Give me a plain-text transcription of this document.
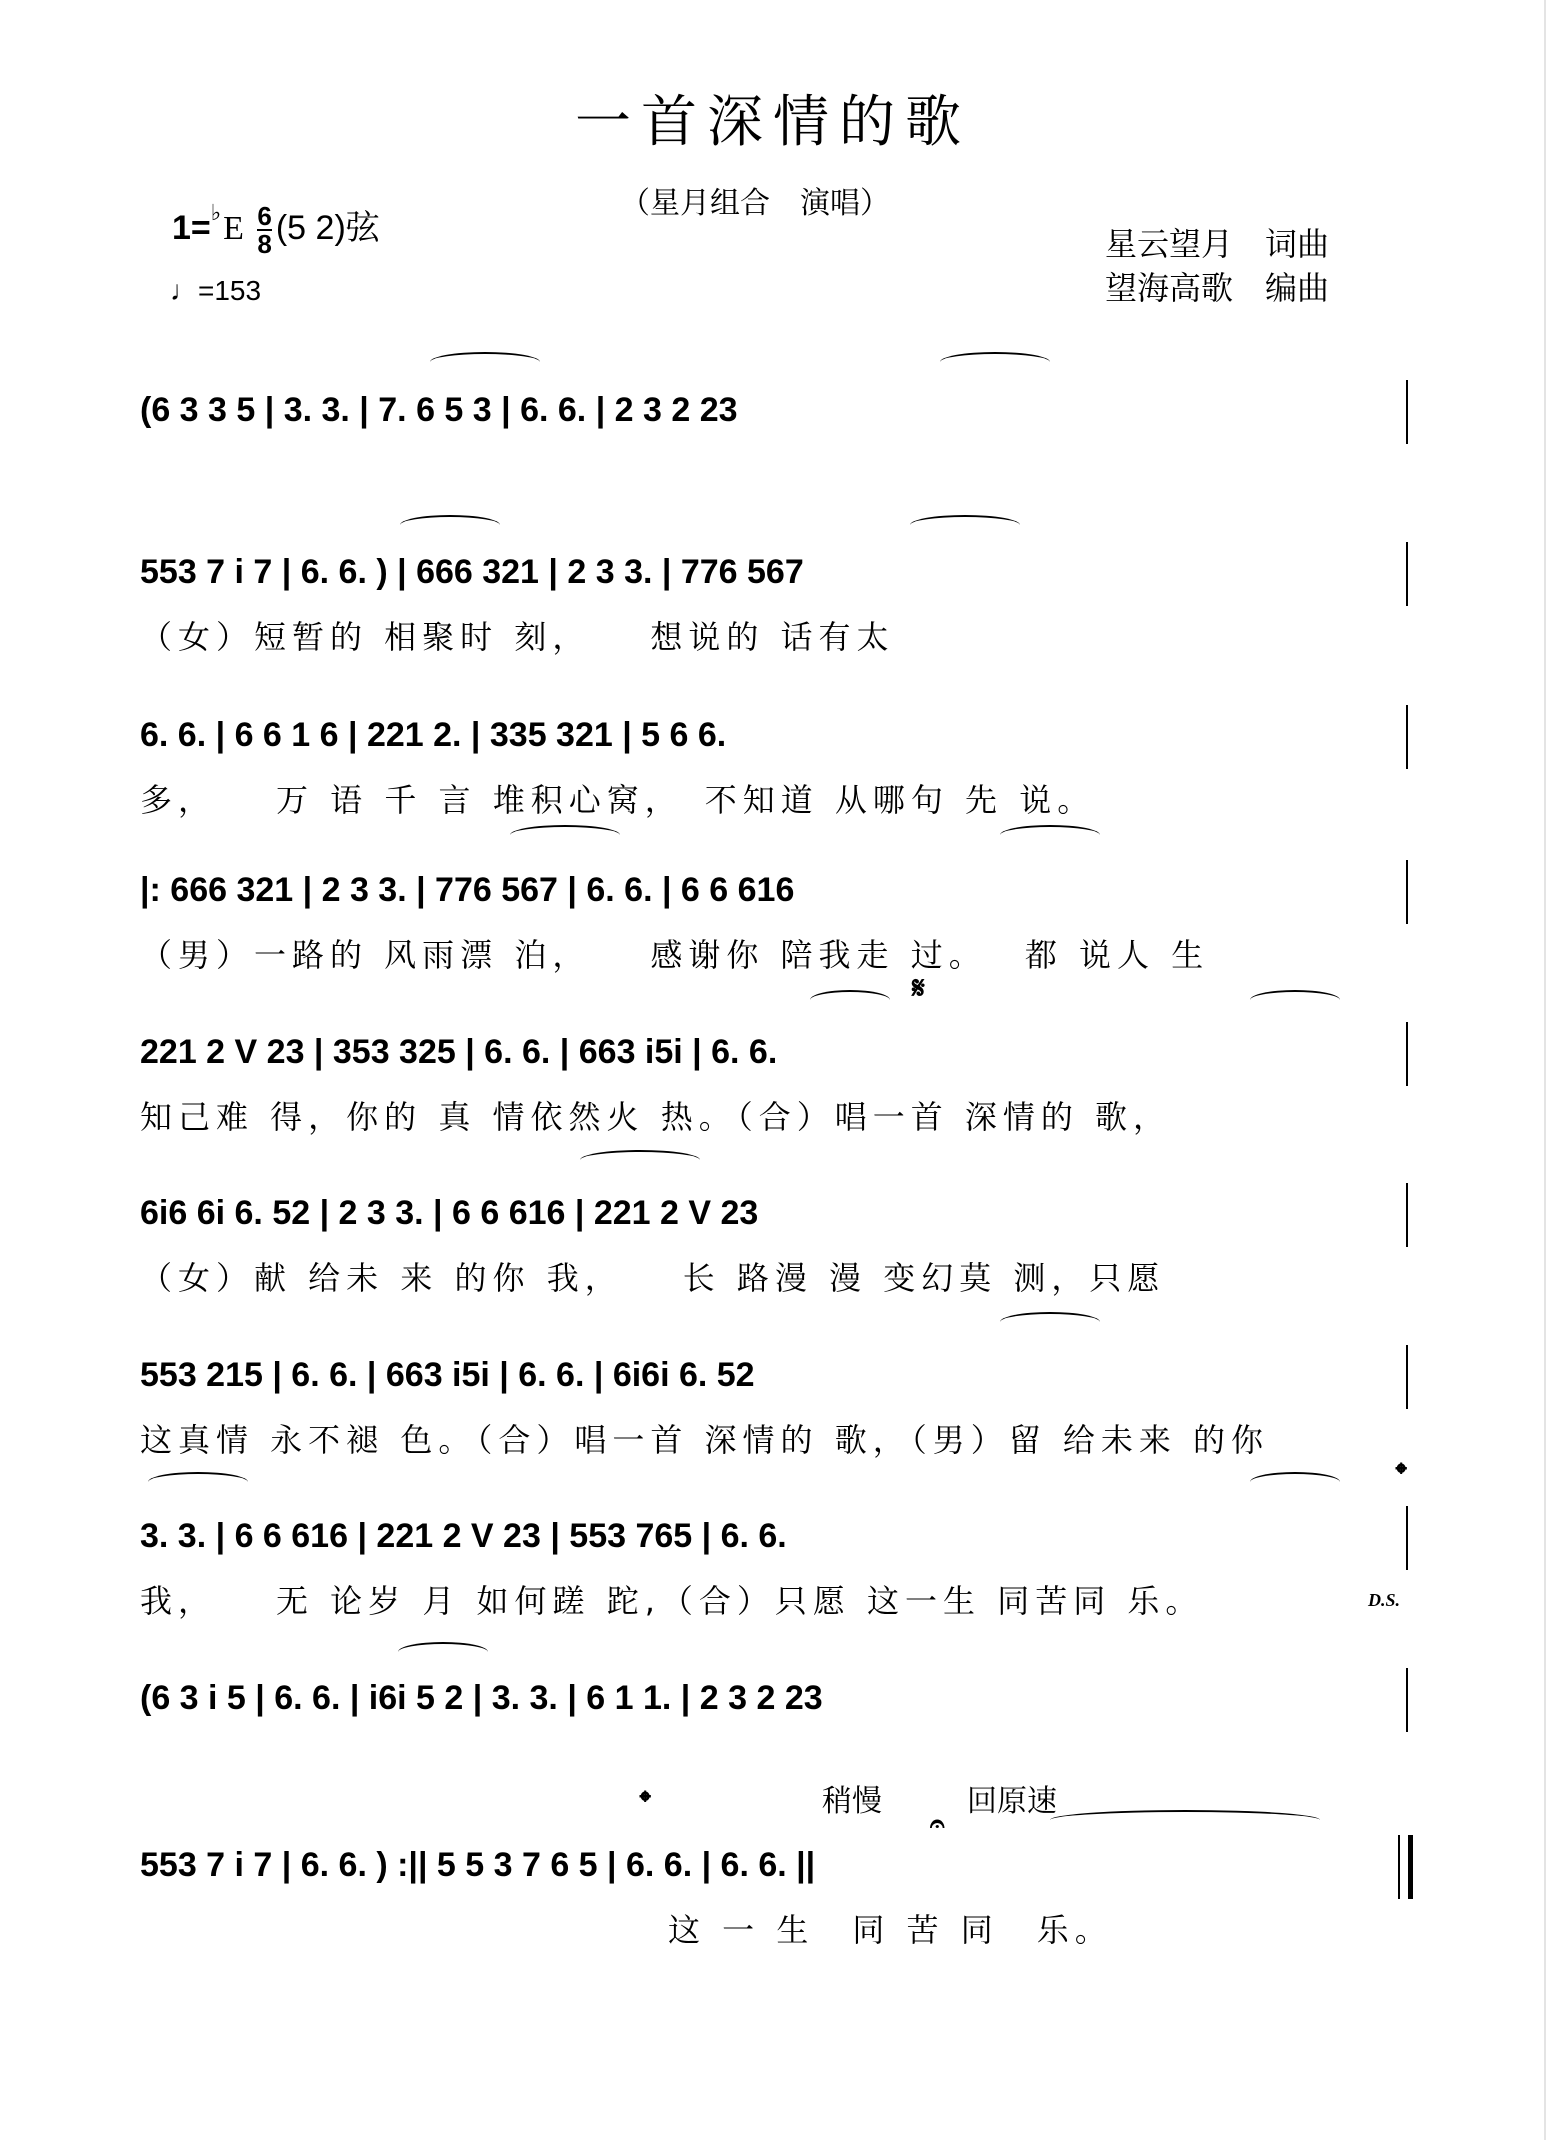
一首深情的歌
（星月组合　演唱）
$1=^♭E \frac{6}{8} (5$ 2)弦
♩=153
星云望月　词曲
望海高歌　编曲
(6 3 3 5 | 3. 3. | 7. 6 5 3 | 6. 6. | 2 3 2 23
553 7 i 7 | 6. 6. ) | 666 321 | 2 3 3. | 776 567
（女）短暂的 相聚时 刻，　　想说的 话有太
6. 6. | 6 6 1 6 | 221 2. | 335 321 | 5 6 6.
多，　　万 语 千 言 堆积心窝，　不知道 从哪句 先 说。
|: 666 321 | 2 3 3. | 776 567 | 6. 6. | 6 6 616
（男）一路的 风雨漂 泊，　　感谢你 陪我走 过。　 都 说人 生
𝄋
221 2 V 23 | 353 325 | 6. 6. | 663 i5i | 6. 6.
知己难 得，你的 真 情依然火 热。（合）唱一首 深情的 歌，
6i6 6i 6. 52 | 2 3 3. | 6 6 616 | 221 2 V 23
（女）献 给未 来 的你 我，　　长 路漫 漫 变幻莫 测，只愿
553 215 | 6. 6. | 663 i5i | 6. 6. | 6i6i 6. 52
这真情 永不褪 色。（合）唱一首 深情的 歌，（男）留 给未来 的你
𝄌
3. 3. | 6 6 616 | 221 2 V 23 | 553 765 | 6. 6.
我，　　无 论岁 月 如何蹉 跎,（合）只愿 这一生 同苦同 乐。	D.S.
(6 3 i 5 | 6. 6. | i6i 5 2 | 3. 3. | 6 1 1. | 2 3 2 23
𝄌	稍慢	回原速
𝄐
553 7 i 7 | 6. 6. ) :|| 5 5 3 7 6 5 | 6. 6. | 6. 6. ||
这 一 生　同 苦 同　乐。
